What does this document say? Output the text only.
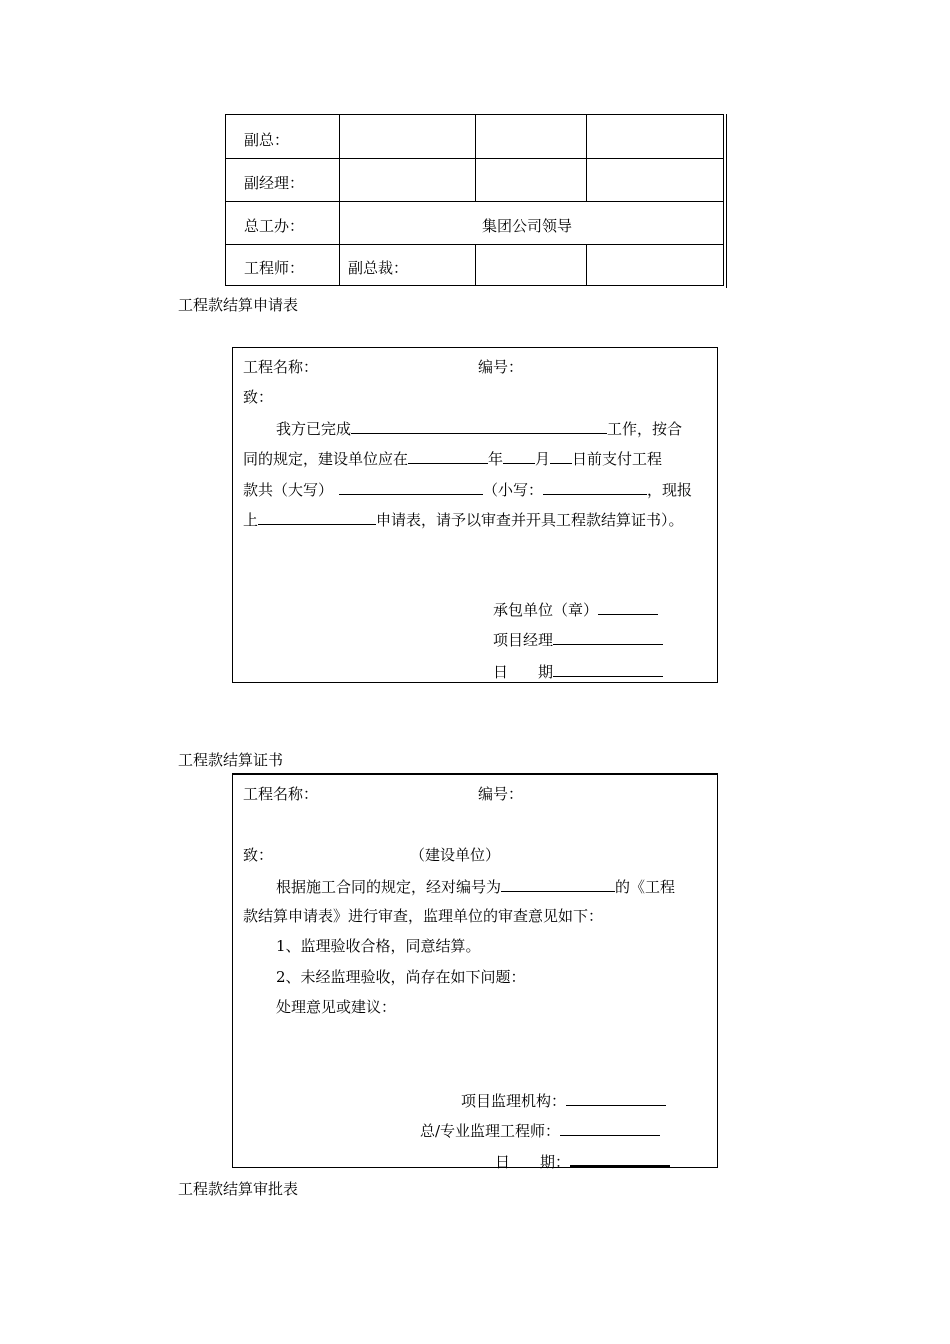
副总：
副经理：
总工办：	集团公司领导
工程师：	副总裁：
工程款结算申请表
工程名称：	编号：
致：
我方已完成	工作，按合
同的规定，建设单位应在	年 月 日前支付工程
款共（大写）	（小写：	，现报
上	申请表，请予以审查并开具工程款结算证书）。
承包单位（章）
项目经理
日　　期
工程款结算证书
工程名称：	编号：
致：	（建设单位）
根据施工合同的规定，经对编号为	的《工程
款结算申请表》进行审查，监理单位的审查意见如下：
1、监理验收合格，同意结算。
2、未经监理验收，尚存在如下问题：
处理意见或建议：
项目监理机构：
总/专业监理工程师：
日　　期：
工程款结算审批表
